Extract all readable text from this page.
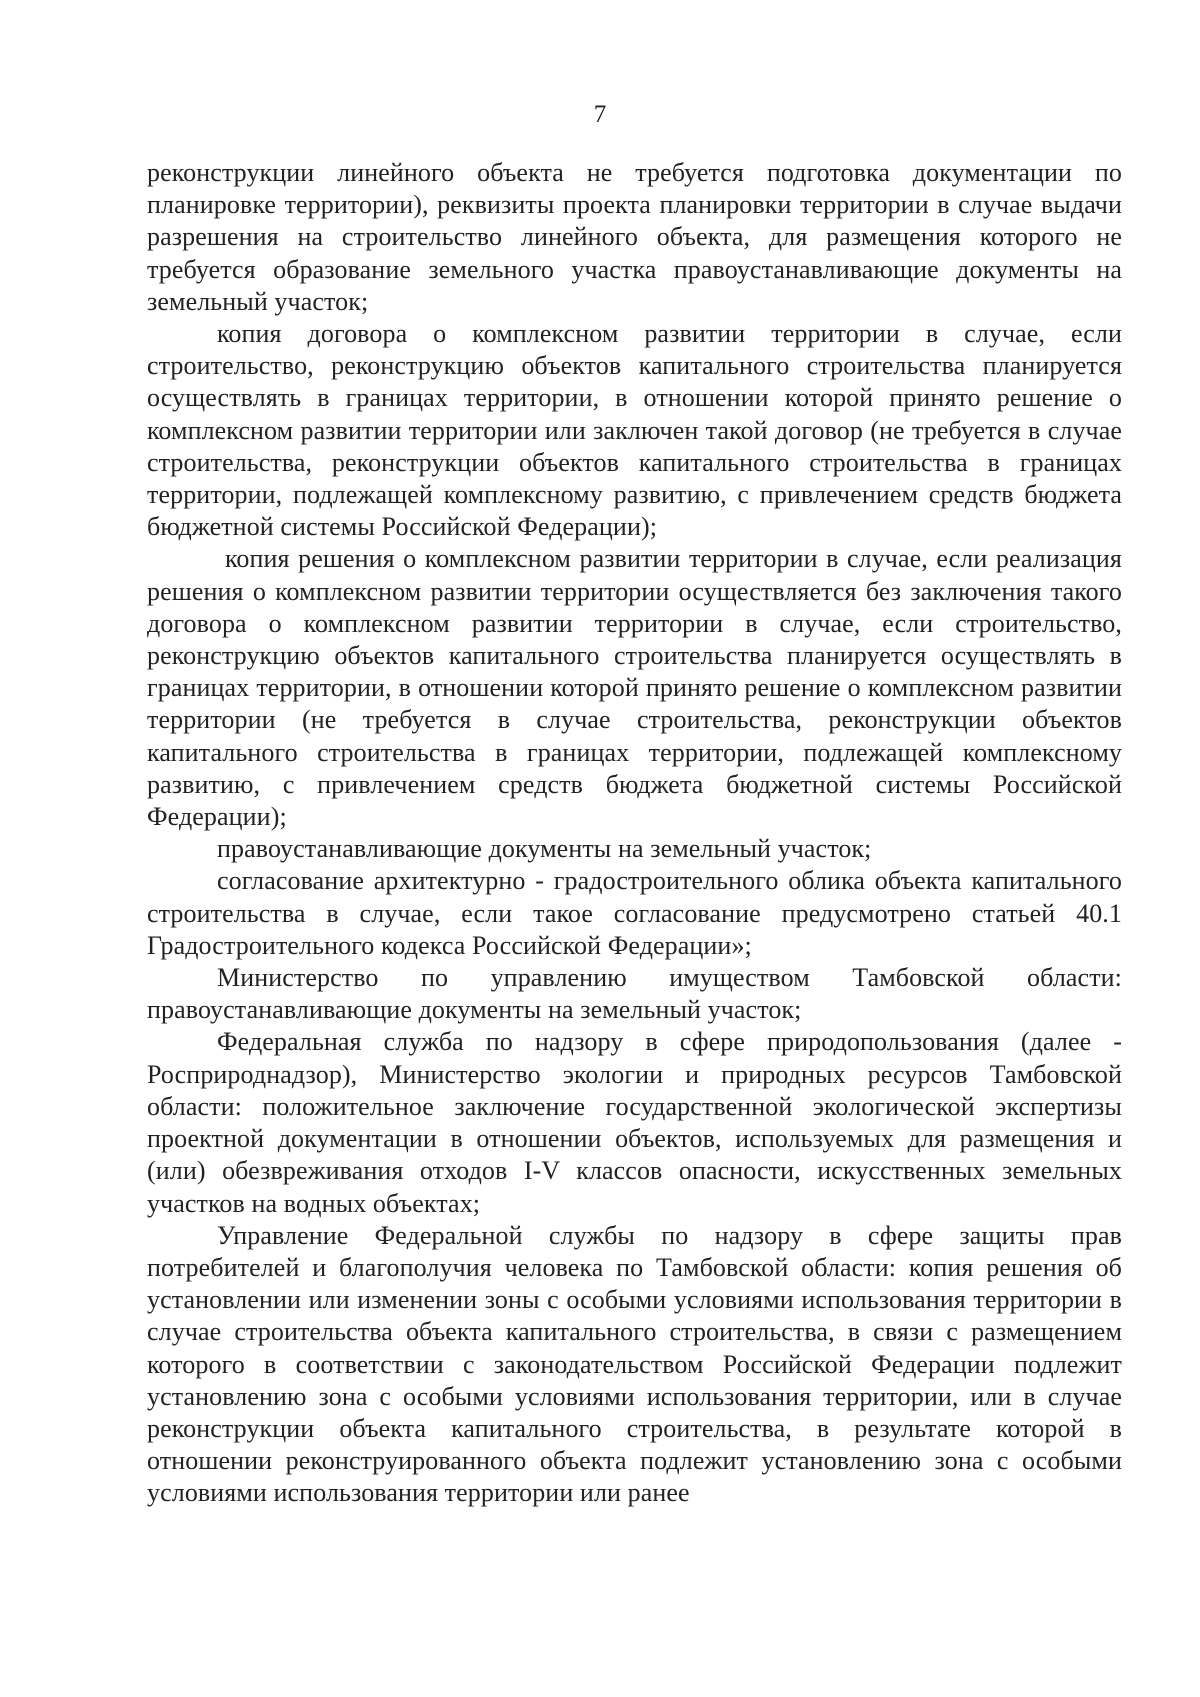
7

реконструкции линейного объекта не требуется подготовка документации по планировке территории), реквизиты проекта планировки территории в случае выдачи разрешения на строительство линейного объекта, для размещения которого не требуется образование земельного участка правоустанавливающие документы на земельный участок;

копия договора о комплексном развитии территории в случае, если строительство, реконструкцию объектов капитального строительства планируется осуществлять в границах территории, в отношении которой принято решение о комплексном развитии территории или заключен такой договор (не требуется в случае строительства, реконструкции объектов капитального строительства в границах территории, подлежащей комплексному развитию, с привлечением средств бюджета бюджетной системы Российской Федерации);

копия решения о комплексном развитии территории в случае, если реализация решения о комплексном развитии территории осуществляется без заключения такого договора о комплексном развитии территории в случае, если строительство, реконструкцию объектов капитального строительства планируется осуществлять в границах территории, в отношении которой принято решение о комплексном развитии территории (не требуется в случае строительства, реконструкции объектов капитального строительства в границах территории, подлежащей комплексному развитию, с привлечением средств бюджета бюджетной системы Российской Федерации);

правоустанавливающие документы на земельный участок;

согласование архитектурно - градостроительного облика объекта капитального строительства в случае, если такое согласование предусмотрено статьей 40.1 Градостроительного кодекса Российской Федерации»;

Министерство по управлению имуществом Тамбовской области: правоустанавливающие документы на земельный участок;

Федеральная служба по надзору в сфере природопользования (далее - Росприроднадзор), Министерство экологии и природных ресурсов Тамбовской области: положительное заключение государственной экологической экспертизы проектной документации в отношении объектов, используемых для размещения и (или) обезвреживания отходов I-V классов опасности, искусственных земельных участков на водных объектах;

Управление Федеральной службы по надзору в сфере защиты прав потребителей и благополучия человека по Тамбовской области: копия решения об установлении или изменении зоны с особыми условиями использования территории в случае строительства объекта капитального строительства, в связи с размещением которого в соответствии с законодательством Российской Федерации подлежит установлению зона с особыми условиями использования территории, или в случае реконструкции объекта капитального строительства, в результате которой в отношении реконструированного объекта подлежит установлению зона с особыми условиями использования территории или ранее
